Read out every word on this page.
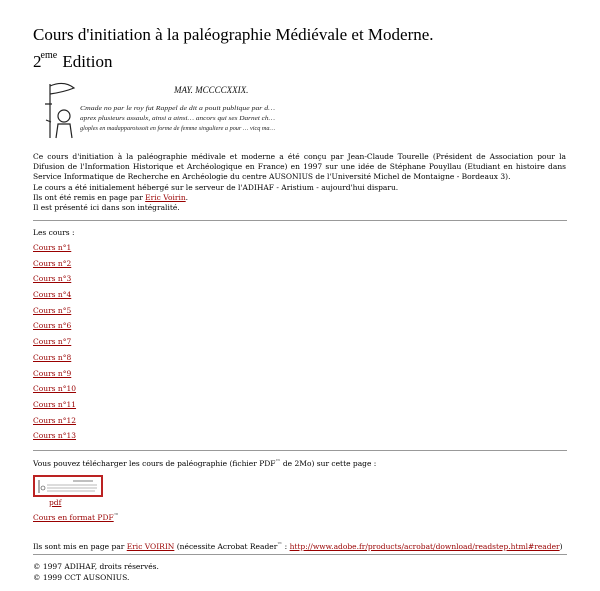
Cours d'initiation à la paléographie Médiévale et Moderne.
2eme Edition
MAY. MCCCCXXIX.
Cmade no par le roy fut Rappel de dit a pouit publique par d…
aprex plusieurs assaulx, ainsi a ainsi… ancors qui ses Darnet ch…
gloples en madapparoissoit en forme de femme singuliere a pour … vicq ma…

Ce cours d'initiation à la paléographie médivale et moderne a été conçu par Jean-Claude Tourelle (Président de Association pour la Difusion de l'Information Historique et Archéologique en France) en 1997 sur une idée de Stéphane Pouyllau (Etudiant en histoire dans Service Informatique de Recherche en Archéologie du centre AUSONIUS de l'Université Michel de Montaigne - Bordeaux 3).

Le cours a été initialement hébergé sur le serveur de l'ADIHAF - Aristium - aujourd'hui disparu.

Ils ont été remis en page par Eric Voirin.

Il est présenté ici dans son intégralité.

Les cours :
Cours n°1
Cours n°2
Cours n°3
Cours n°4
Cours n°5
Cours n°6
Cours n°7
Cours n°8
Cours n°9
Cours n°10
Cours n°11
Cours n°12
Cours n°13
Vous pouvez télécharger les cours de paléographie (fichier PDF™ de 2Mo) sur cette page :
pdf
Cours en format PDF™
Ils sont mis en page par Eric VOIRIN (nécessite Acrobat Reader™ : http://www.adobe.fr/products/acrobat/download/readstep.html#reader)

© 1997 ADIHAF, droits réservés.

© 1999 CCT AUSONIUS.
